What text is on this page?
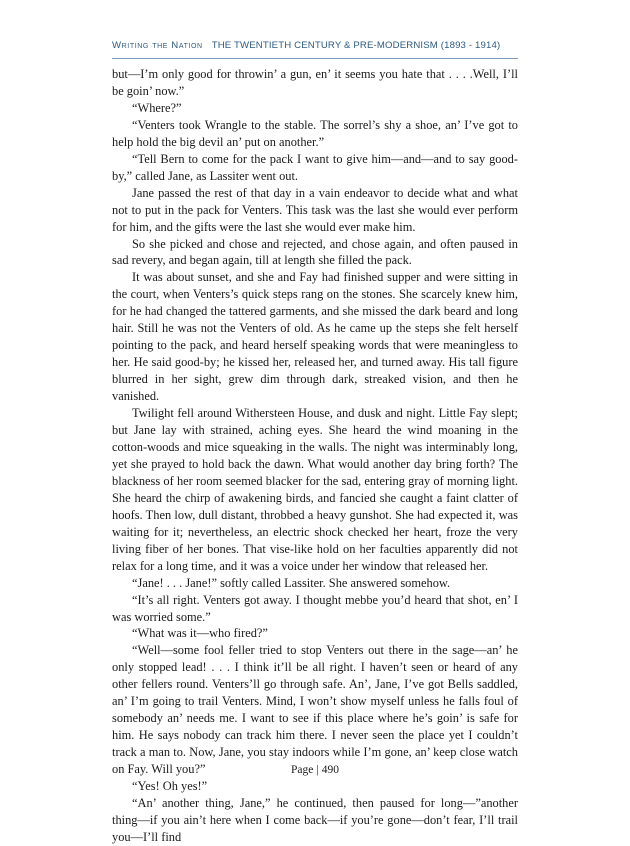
Writing the Nation THE TWENTIETH CENTURY & PRE-MODERNISM (1893 - 1914)

but—I’m only good for throwin’ a gun, en’ it seems you hate that . . . .Well, I’ll be goin’ now.”

“Where?”

“Venters took Wrangle to the stable. The sorrel’s shy a shoe, an’ I’ve got to help hold the big devil an’ put on another.”

“Tell Bern to come for the pack I want to give him—and—and to say good-by,” called Jane, as Lassiter went out.

Jane passed the rest of that day in a vain endeavor to decide what and what not to put in the pack for Venters. This task was the last she would ever perform for him, and the gifts were the last she would ever make him.

So she picked and chose and rejected, and chose again, and often paused in sad revery, and began again, till at length she filled the pack.

It was about sunset, and she and Fay had finished supper and were sitting in the court, when Venters’s quick steps rang on the stones. She scarcely knew him, for he had changed the tattered garments, and she missed the dark beard and long hair. Still he was not the Venters of old. As he came up the steps she felt herself pointing to the pack, and heard herself speaking words that were meaningless to her. He said good-by; he kissed her, released her, and turned away. His tall figure blurred in her sight, grew dim through dark, streaked vision, and then he vanished.

Twilight fell around Withersteen House, and dusk and night. Little Fay slept; but Jane lay with strained, aching eyes. She heard the wind moaning in the cotton-woods and mice squeaking in the walls. The night was interminably long, yet she prayed to hold back the dawn. What would another day bring forth? The blackness of her room seemed blacker for the sad, entering gray of morning light. She heard the chirp of awakening birds, and fancied she caught a faint clatter of hoofs. Then low, dull distant, throbbed a heavy gunshot. She had expected it, was waiting for it; nevertheless, an electric shock checked her heart, froze the very living fiber of her bones. That vise-like hold on her faculties apparently did not relax for a long time, and it was a voice under her window that released her.

“Jane! . . . Jane!” softly called Lassiter. She answered somehow.

“It’s all right. Venters got away. I thought mebbe you’d heard that shot, en’ I was worried some.”

“What was it—who fired?”

“Well—some fool feller tried to stop Venters out there in the sage—an’ he only stopped lead! . . . I think it’ll be all right. I haven’t seen or heard of any other fellers round. Venters’ll go through safe. An’, Jane, I’ve got Bells saddled, an’ I’m going to trail Venters. Mind, I won’t show myself unless he falls foul of somebody an’ needs me. I want to see if this place where he’s goin’ is safe for him. He says nobody can track him there. I never seen the place yet I couldn’t track a man to. Now, Jane, you stay indoors while I’m gone, an’ keep close watch on Fay. Will you?”

“Yes! Oh yes!”

“An’ another thing, Jane,” he continued, then paused for long—”another thing—if you ain’t here when I come back—if you’re gone—don’t fear, I’ll trail you—I’ll find

Page | 490
